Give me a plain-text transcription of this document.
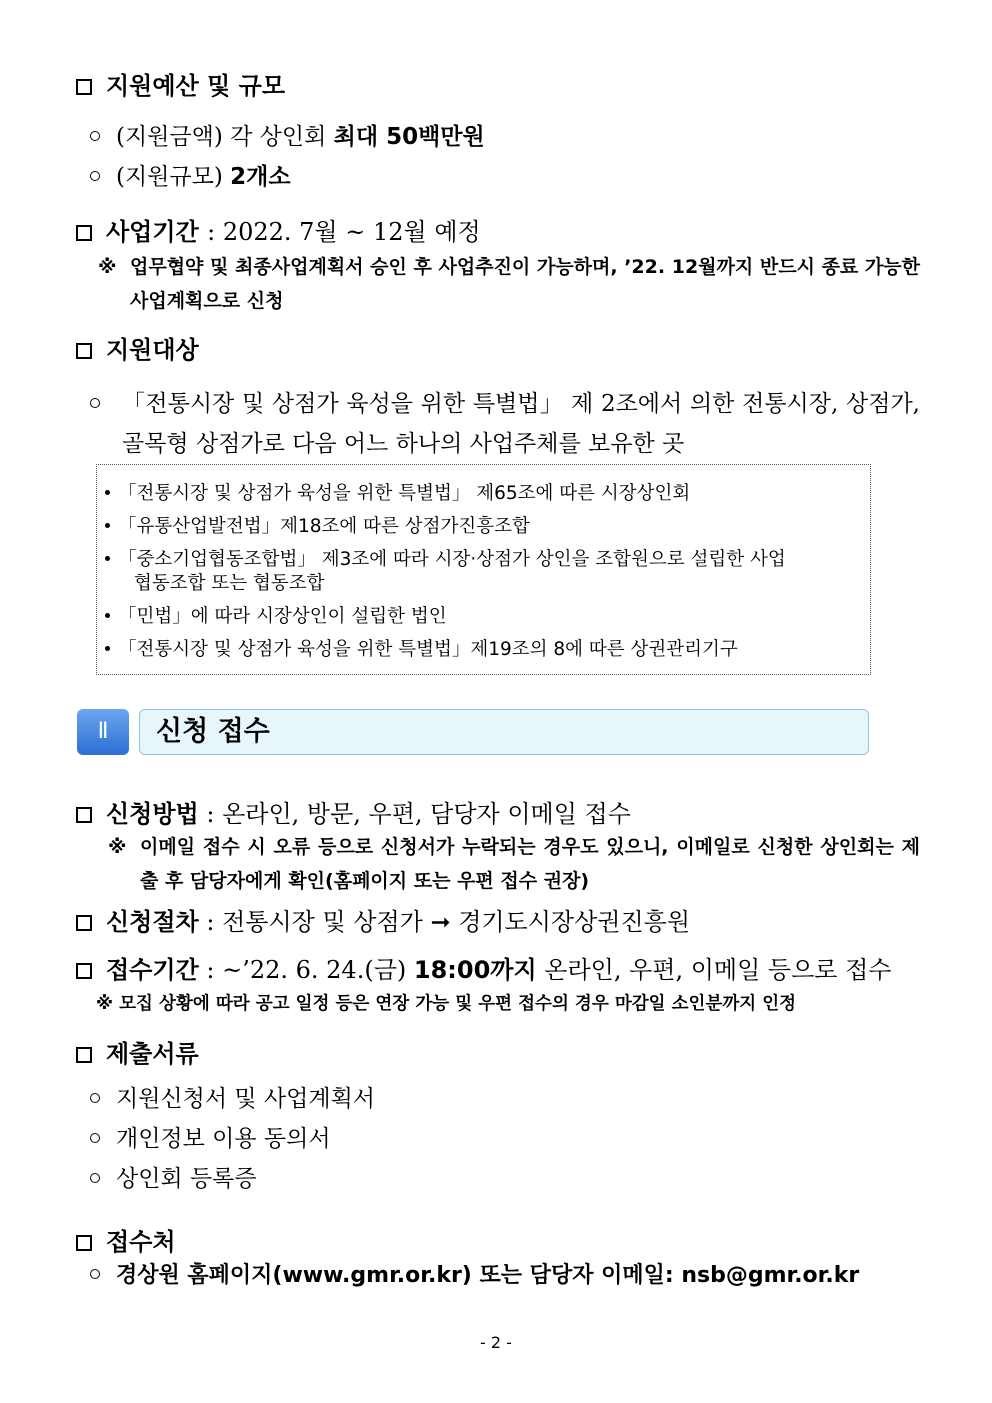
지원예산 및 규모
(지원금액) 각 상인회 최대 50백만원
(지원규모) 2개소
사업기간 : 2022. 7월 ~ 12월 예정
※ 업무협약 및 최종사업계획서 승인 후 사업추진이 가능하며, ’22. 12월까지 반드시 종료 가능한 사업계획으로 신청
지원대상
「전통시장 및 상점가 육성을 위한 특별법」 제 2조에서 의한 전통시장, 상점가, 골목형 상점가로 다음 어느 하나의 사업주체를 보유한 곳
「전통시장 및 상점가 육성을 위한 특별법」 제65조에 따른 시장상인회
「유통산업발전법」제18조에 따른 상점가진흥조합
「중소기업협동조합법」 제3조에 따라 시장·상점가 상인을 조합원으로 설립한 사업
협동조합 또는 협동조합
「민법」에 따라 시장상인이 설립한 법인
「전통시장 및 상점가 육성을 위한 특별법」제19조의 8에 따른 상권관리기구
Ⅱ	신청 접수
신청방법 : 온라인, 방문, 우편, 담당자 이메일 접수
※ 이메일 접수 시 오류 등으로 신청서가 누락되는 경우도 있으니, 이메일로 신청한 상인회는 제출 후 담당자에게 확인(홈페이지 또는 우편 접수 권장)
신청절차 : 전통시장 및 상점가 ➞ 경기도시장상권진흥원
접수기간 : ~’22. 6. 24.(금) 18:00까지 온라인, 우편, 이메일 등으로 접수
※ 모집 상황에 따라 공고 일정 등은 연장 가능 및 우편 접수의 경우 마감일 소인분까지 인정
제출서류
지원신청서 및 사업계획서
개인정보 이용 동의서
상인회 등록증
접수처
경상원 홈페이지(www.gmr.or.kr) 또는 담당자 이메일: nsb@gmr.or.kr
- 2 -
